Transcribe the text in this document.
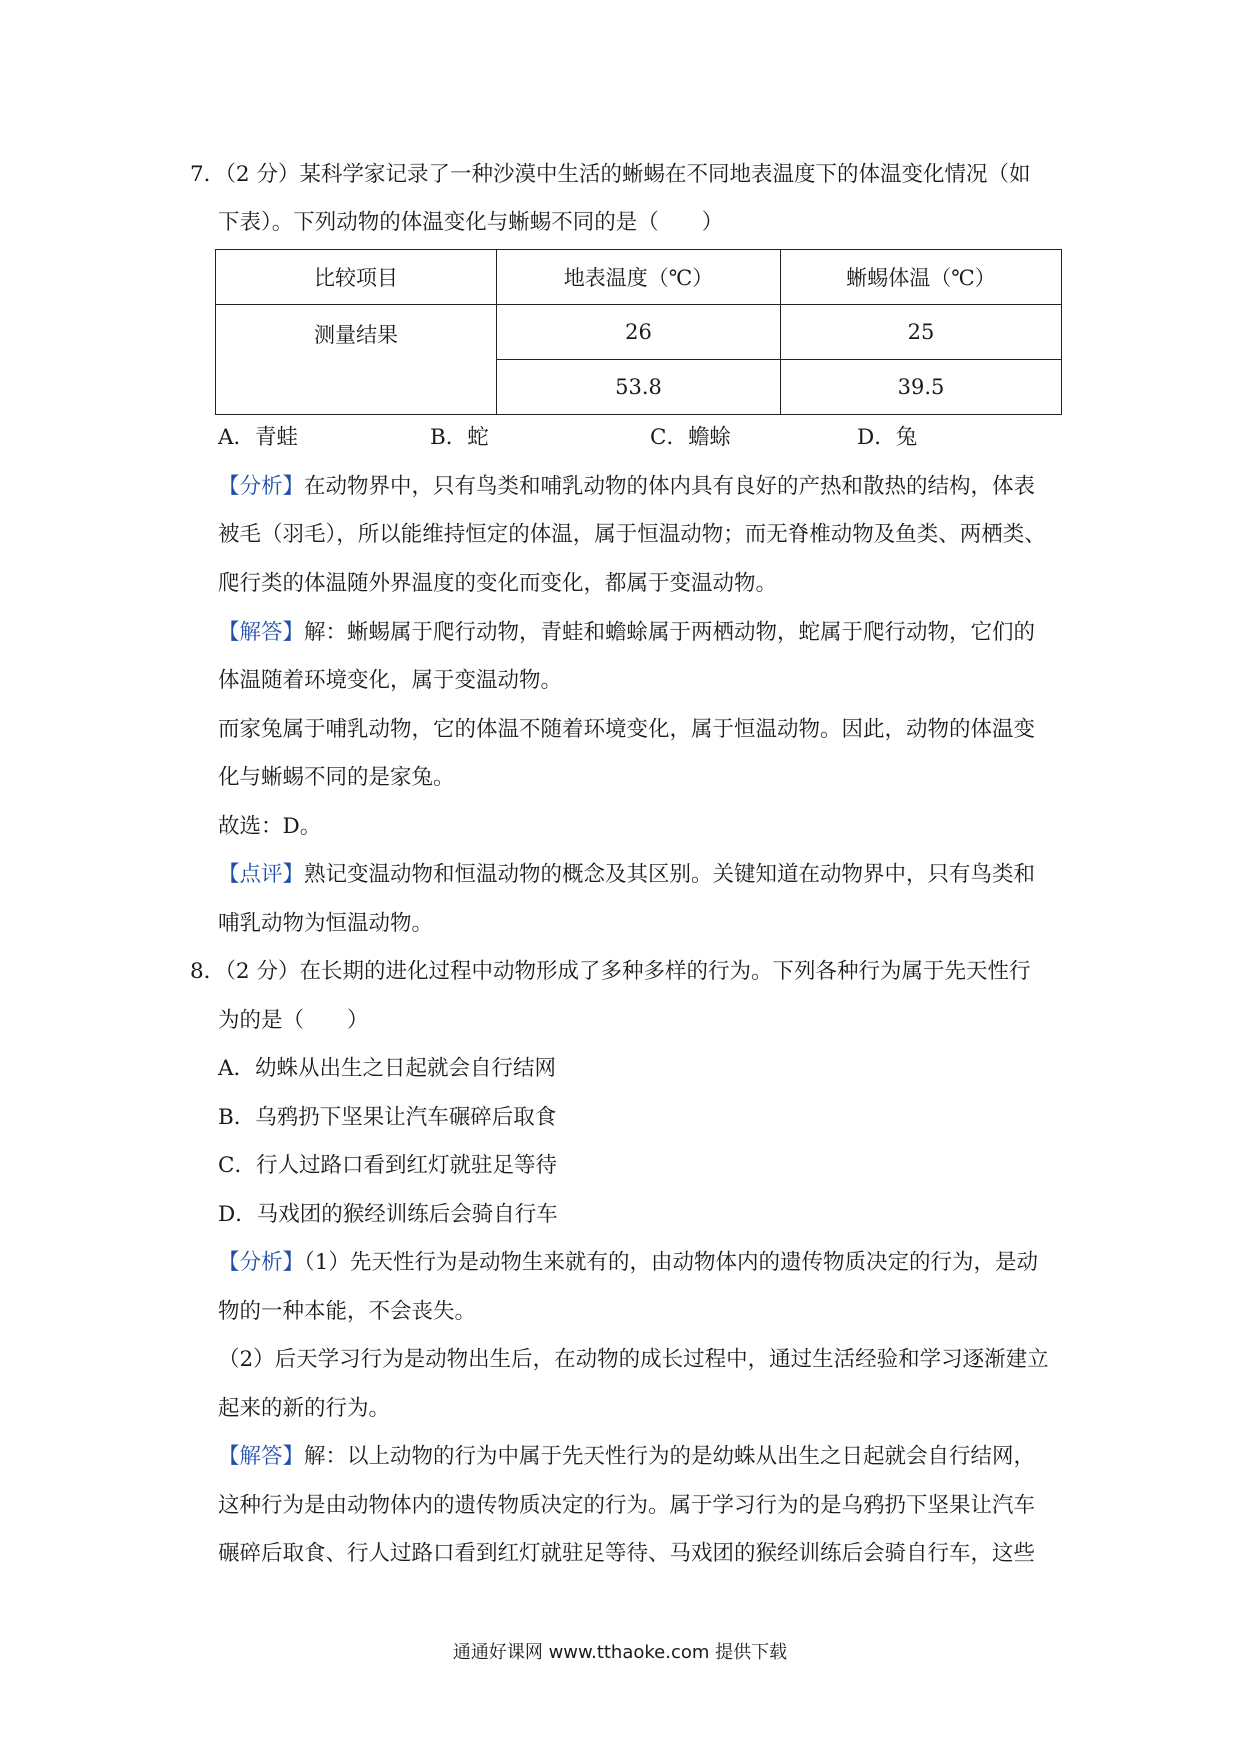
7．（2 分）某科学家记录了一种沙漠中生活的蜥蜴在不同地表温度下的体温变化情况（如
下表）。下列动物的体温变化与蜥蜴不同的是（　　）
比较项目	地表温度（℃）	蜥蜴体温（℃）
测量结果	26	25
	53.8	39.5
A．青蛙	B．蛇	C．蟾蜍	D．兔
【分析】在动物界中，只有鸟类和哺乳动物的体内具有良好的产热和散热的结构，体表
被毛（羽毛），所以能维持恒定的体温，属于恒温动物；而无脊椎动物及鱼类、两栖类、
爬行类的体温随外界温度的变化而变化，都属于变温动物。
【解答】解：蜥蜴属于爬行动物，青蛙和蟾蜍属于两栖动物，蛇属于爬行动物，它们的
体温随着环境变化，属于变温动物。
而家兔属于哺乳动物，它的体温不随着环境变化，属于恒温动物。因此，动物的体温变
化与蜥蜴不同的是家兔。
故选：D。
【点评】熟记变温动物和恒温动物的概念及其区别。关键知道在动物界中，只有鸟类和
哺乳动物为恒温动物。
8．（2 分）在长期的进化过程中动物形成了多种多样的行为。下列各种行为属于先天性行
为的是（　　）
A．幼蛛从出生之日起就会自行结网
B．乌鸦扔下坚果让汽车碾碎后取食
C．行人过路口看到红灯就驻足等待
D．马戏团的猴经训练后会骑自行车
【分析】（1）先天性行为是动物生来就有的，由动物体内的遗传物质决定的行为，是动
物的一种本能，不会丧失。
（2）后天学习行为是动物出生后，在动物的成长过程中，通过生活经验和学习逐渐建立
起来的新的行为。
【解答】解：以上动物的行为中属于先天性行为的是幼蛛从出生之日起就会自行结网，
这种行为是由动物体内的遗传物质决定的行为。属于学习行为的是乌鸦扔下坚果让汽车
碾碎后取食、行人过路口看到红灯就驻足等待、马戏团的猴经训练后会骑自行车，这些
通通好课网 www.tthaoke.com 提供下载
